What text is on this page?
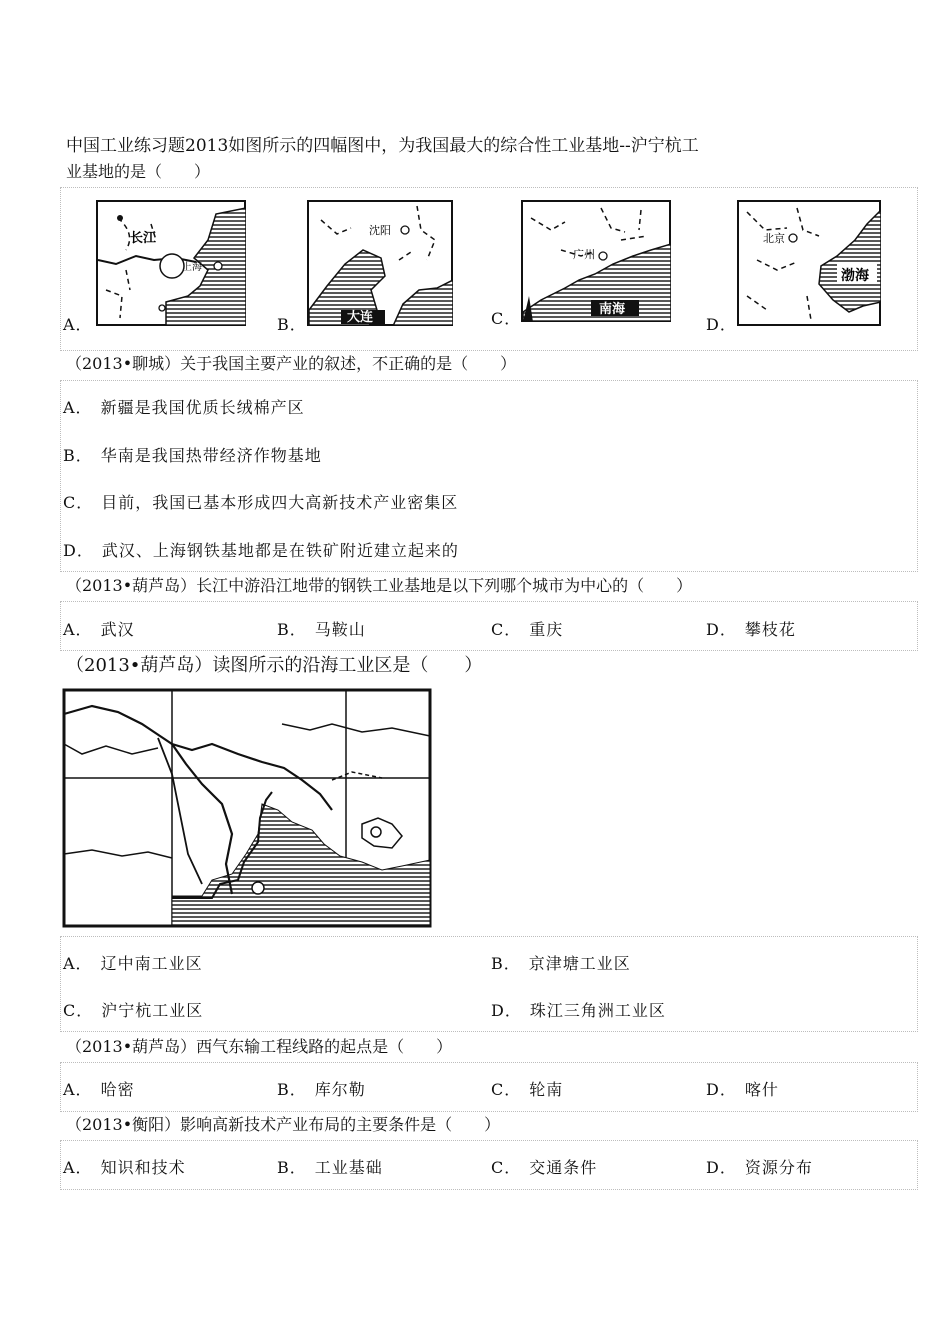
中国工业练习题2013如图所示的四幅图中，为我国最大的综合性工业基地--沪宁杭工
业基地的是（　　）
A．
长江
上海
B．
沈阳
大连	C．
广州
南海
D．
北京
渤海
（2013•聊城）关于我国主要产业的叙述，不正确的是（　　）
A． 新疆是我国优质长绒棉产区
B． 华南是我国热带经济作物基地
C． 目前，我国已基本形成四大高新技术产业密集区
D． 武汉、上海钢铁基地都是在铁矿附近建立起来的
（2013•葫芦岛）长江中游沿江地带的钢铁工业基地是以下列哪个城市为中心的（　　）
A． 武汉	B． 马鞍山	C． 重庆	D． 攀枝花
（2013•葫芦岛）读图所示的沿海工业区是（　　）
A． 辽中南工业区	B． 京津塘工业区
C． 沪宁杭工业区	D． 珠江三角洲工业区
（2013•葫芦岛）西气东输工程线路的起点是（　　）
A． 哈密	B． 库尔勒	C． 轮南	D． 喀什
（2013•衡阳）影响高新技术产业布局的主要条件是（　　）
A． 知识和技术	B． 工业基础	C． 交通条件	D． 资源分布
